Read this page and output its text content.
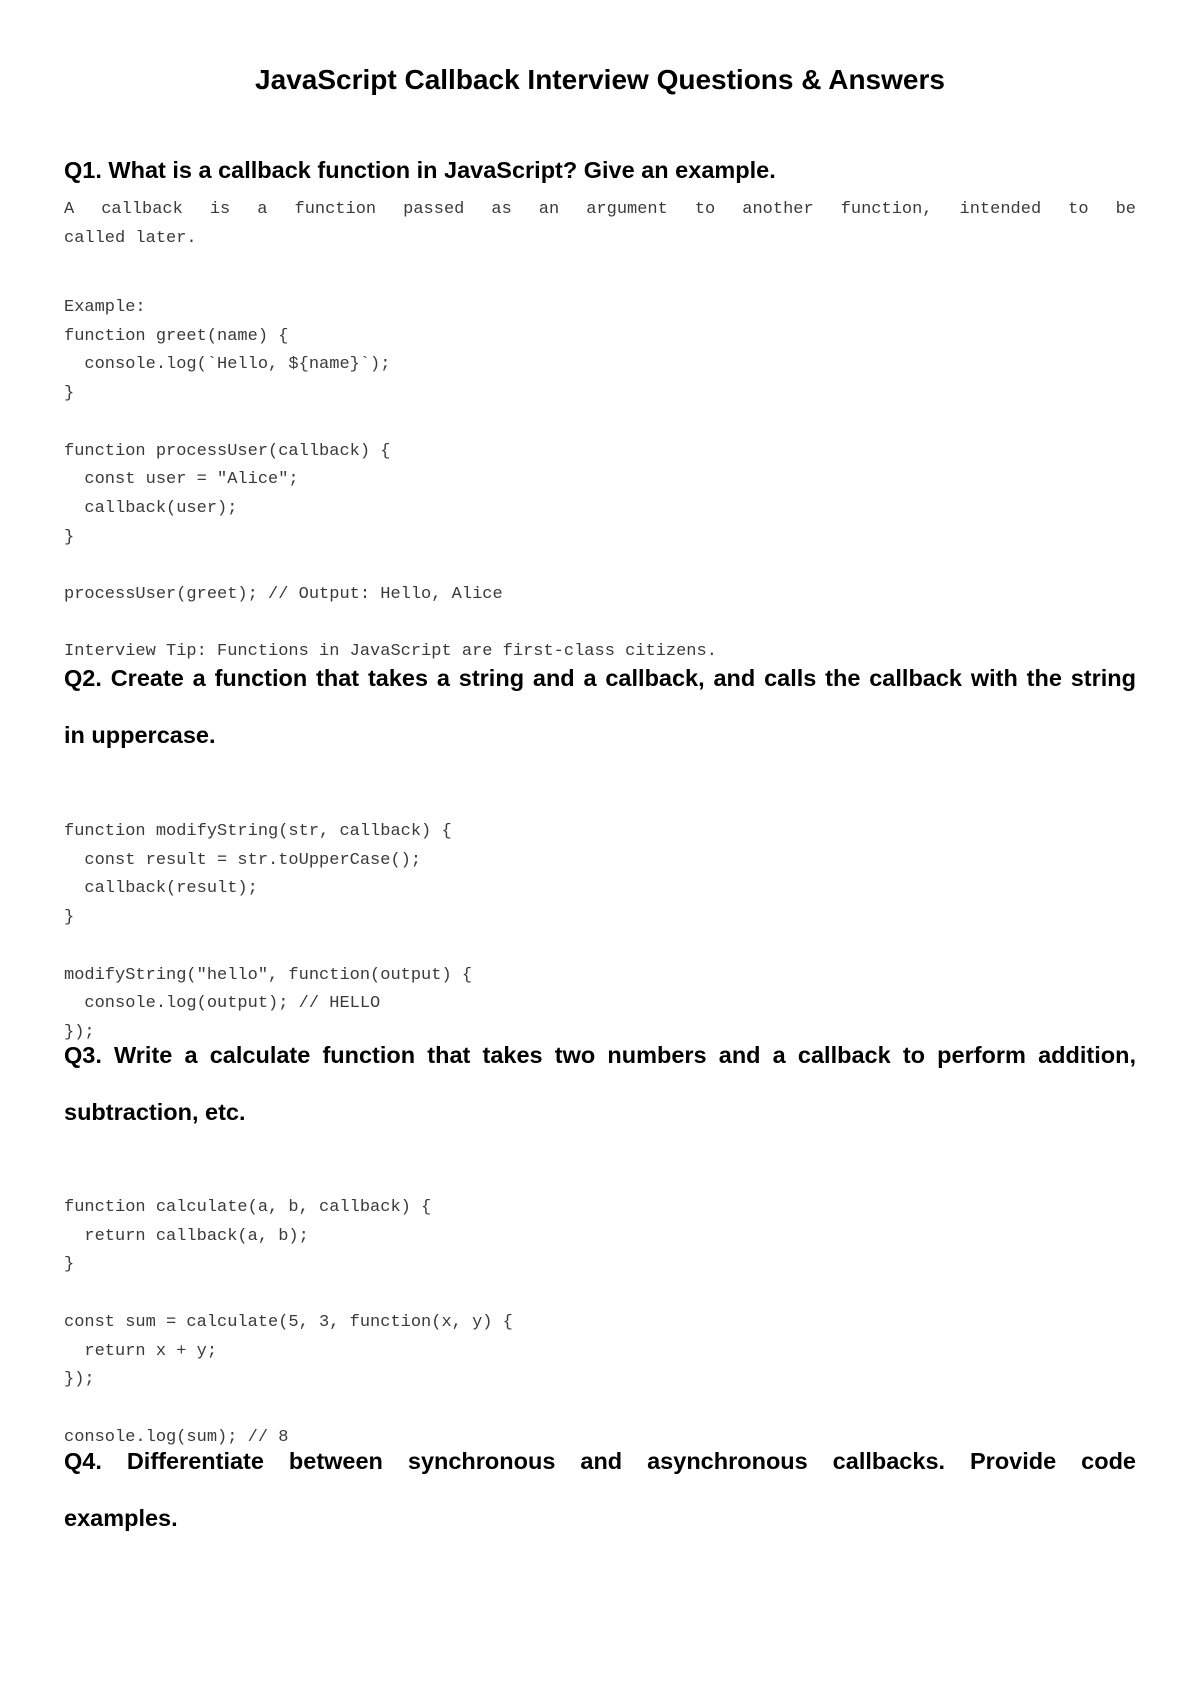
JavaScript Callback Interview Questions & Answers
Q1. What is a callback function in JavaScript? Give an example.
A callback is a function passed as an argument to another function, intended to be
called later.
Example:
function greet(name) {
console.log(`Hello, ${name}`);
}

function processUser(callback) {
const user = "Alice";
callback(user);
}

processUser(greet); // Output: Hello, Alice

Interview Tip: Functions in JavaScript are first-class citizens.
Q2. Create a function that takes a string and a callback, and calls the callback with the string
in uppercase.
function modifyString(str, callback) {
const result = str.toUpperCase();
callback(result);
}

modifyString("hello", function(output) {
console.log(output); // HELLO
});
Q3. Write a calculate function that takes two numbers and a callback to perform addition,
subtraction, etc.
function calculate(a, b, callback) {
return callback(a, b);
}

const sum = calculate(5, 3, function(x, y) {
return x + y;
});

console.log(sum); // 8
Q4. Differentiate between synchronous and asynchronous callbacks. Provide code
examples.
